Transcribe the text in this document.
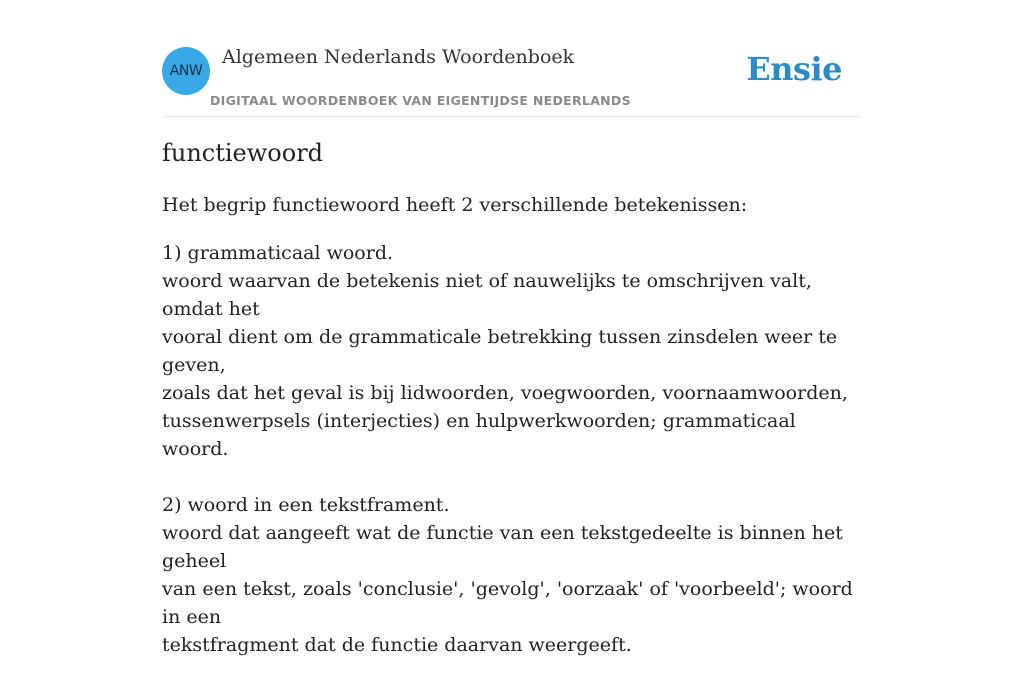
ANW
Algemeen Nederlands Woordenboek
DIGITAAL WOORDENBOEK VAN EIGENTIJDSE NEDERLANDS
Ensie
functiewoord

Het begrip functiewoord heeft 2 verschillende betekenissen:

1) grammaticaal woord.
woord waarvan de betekenis niet of nauwelijks te omschrijven valt, omdat het
vooral dient om de grammaticale betrekking tussen zinsdelen weer te geven,
zoals dat het geval is bij lidwoorden, voegwoorden, voornaamwoorden,
tussenwerpsels (interjecties) en hulpwerkwoorden; grammaticaal woord.
2) woord in een tekstframent.
woord dat aangeeft wat de functie van een tekstgedeelte is binnen het geheel
van een tekst, zoals 'conclusie', 'gevolg', 'oorzaak' of 'voorbeeld'; woord in een
tekstfragment dat de functie daarvan weergeeft.
